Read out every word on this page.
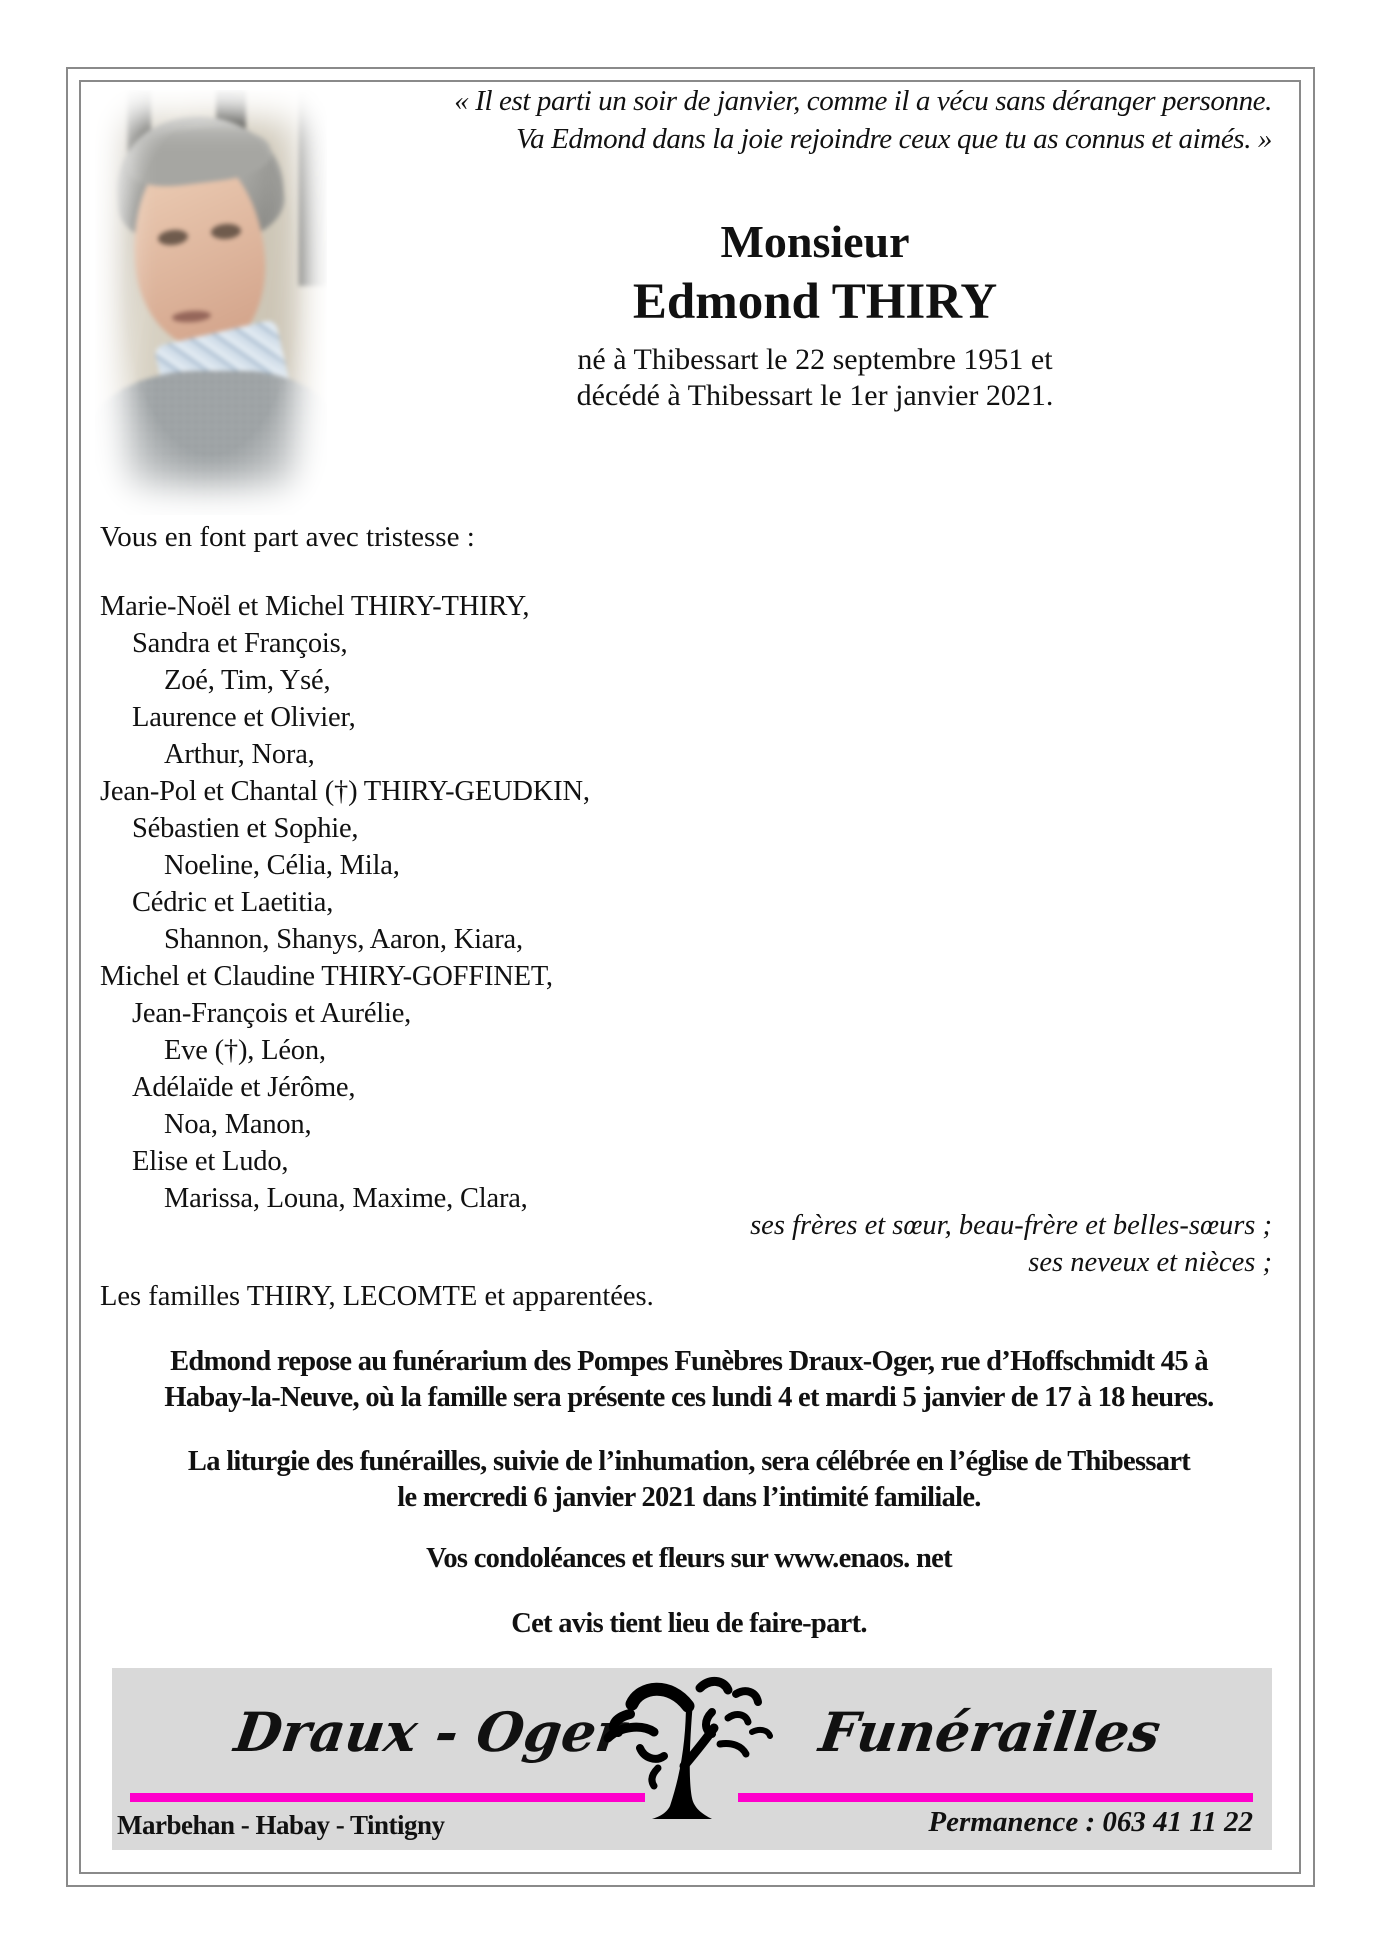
« Il est parti un soir de janvier, comme il a vécu sans déranger personne.
Va Edmond dans la joie rejoindre ceux que tu as connus et aimés. »
Monsieur
Edmond THIRY
né à Thibessart le 22 septembre 1951 et
décédé à Thibessart le 1er janvier 2021.
Vous en font part avec tristesse :
Marie-Noël et Michel THIRY-THIRY,
Sandra et François,
Zoé, Tim, Ysé,
Laurence et Olivier,
Arthur, Nora,
Jean-Pol et Chantal (†) THIRY-GEUDKIN,
Sébastien et Sophie,
Noeline, Célia, Mila,
Cédric et Laetitia,
Shannon, Shanys, Aaron, Kiara,
Michel et Claudine THIRY-GOFFINET,
Jean-François et Aurélie,
Eve (†), Léon,
Adélaïde et Jérôme,
Noa, Manon,
Elise et Ludo,
Marissa, Louna, Maxime, Clara,
ses frères et sœur, beau-frère et belles-sœurs ;
ses neveux et nièces ;
Les familles THIRY, LECOMTE et apparentées.
Edmond repose au funérarium des Pompes Funèbres Draux-Oger, rue d’Hoffschmidt 45 à
Habay-la-Neuve, où la famille sera présente ces lundi 4 et mardi 5 janvier de 17 à 18 heures.
La liturgie des funérailles, suivie de l’inhumation, sera célébrée en l’église de Thibessart
le mercredi 6 janvier 2021 dans l’intimité familiale.
Vos condoléances et fleurs sur www.enaos. net
Cet avis tient lieu de faire-part.
Draux - Oger	Funérailles
Marbehan - Habay - Tintigny	Permanence : 063 41 11 22
